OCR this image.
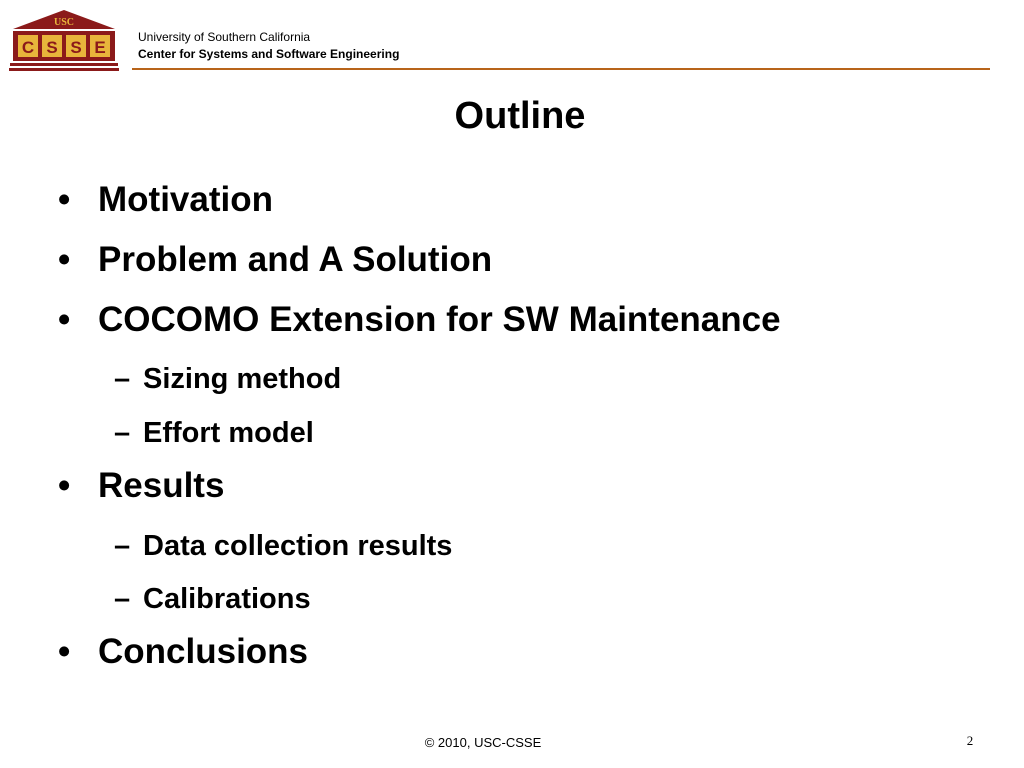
USC
C S S E
University of Southern California
Center for Systems and Software Engineering
Outline
• Motivation
• Problem and A Solution
• COCOMO Extension for SW Maintenance
– Sizing method
– Effort model
• Results
– Data collection results
– Calibrations
• Conclusions
© 2010, USC-CSSE	2
